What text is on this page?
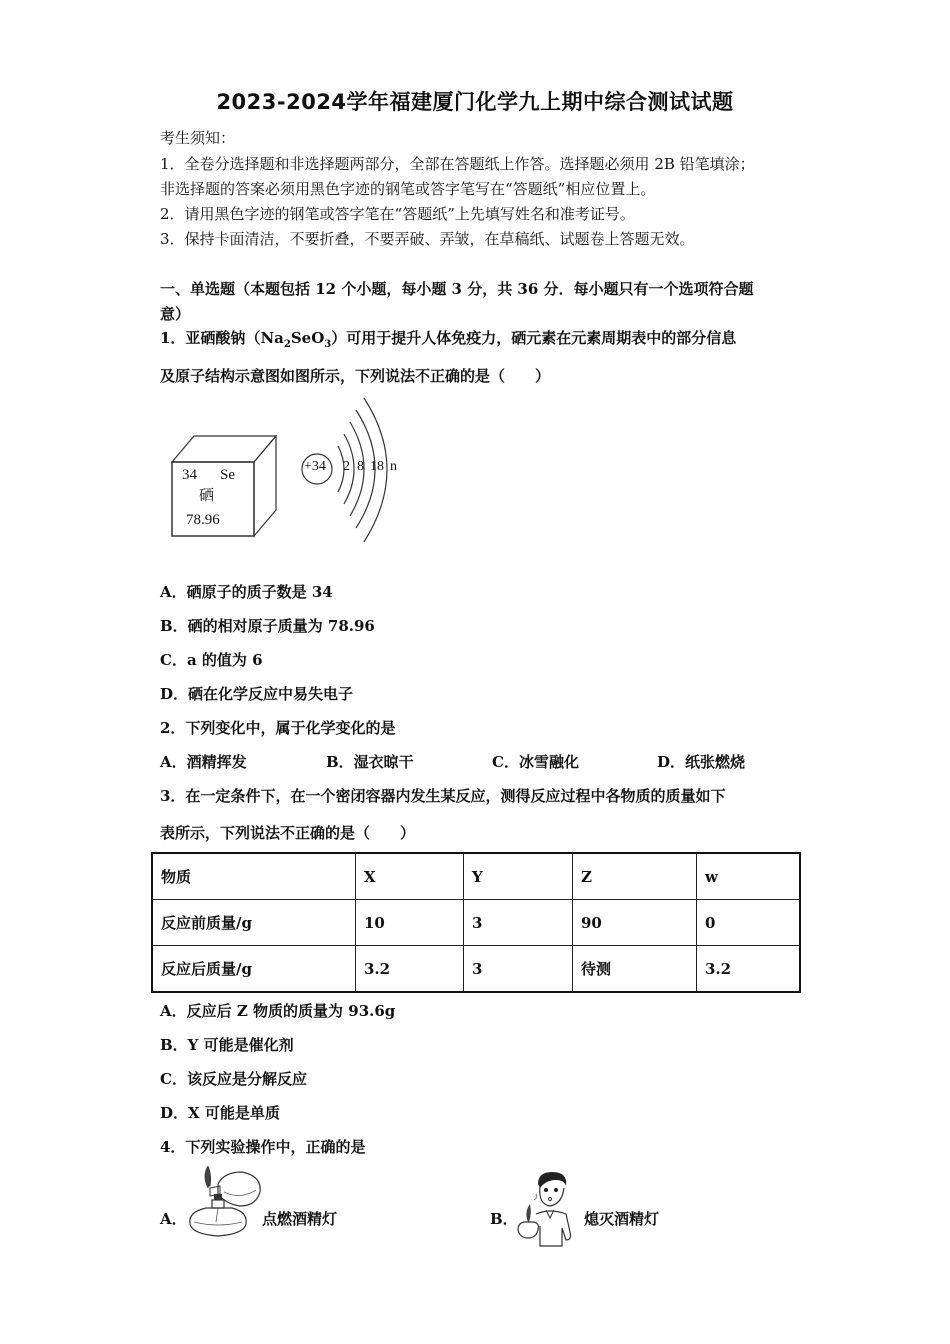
2023-2024学年福建厦门化学九上期中综合测试试题
考生须知：
1．全卷分选择题和非选择题两部分，全部在答题纸上作答。选择题必须用 2B 铅笔填涂；
非选择题的答案必须用黑色字迹的钢笔或答字笔写在“答题纸”相应位置上。
2．请用黑色字迹的钢笔或答字笔在“答题纸”上先填写姓名和准考证号。
3．保持卡面清洁，不要折叠，不要弄破、弄皱，在草稿纸、试题卷上答题无效。
一、单选题（本题包括 12 个小题，每小题 3 分，共 36 分．每小题只有一个选项符合题
意）
1．亚硒酸钠$(Na_2SeO_3)$可用于提升人体免疫力，硒元素在元素周期表中的部分信息
及原子结构示意图如图所示，下列说法不正确的是（　　）
34 Se
硒
78.96
+34 2 8 18 n
A．硒原子的质子数是 34
B．硒的相对原子质量为 78.96
C．a 的值为 6
D．硒在化学反应中易失电子
2．下列变化中，属于化学变化的是
A．酒精挥发	B．湿衣晾干	C．冰雪融化	D．纸张燃烧
3．在一定条件下，在一个密闭容器内发生某反应，测得反应过程中各物质的质量如下
表所示，下列说法不正确的是（　　）
物质	X	Y	Z	w
反应前质量/g	10	3	90	0
反应后质量/g	3.2	3	待测	3.2
A．反应后 Z 物质的质量为 93.6g
B．Y 可能是催化剂
C．该反应是分解反应
D．X 可能是单质
4．下列实验操作中，正确的是
A．	点燃酒精灯	B．	熄灭酒精灯
